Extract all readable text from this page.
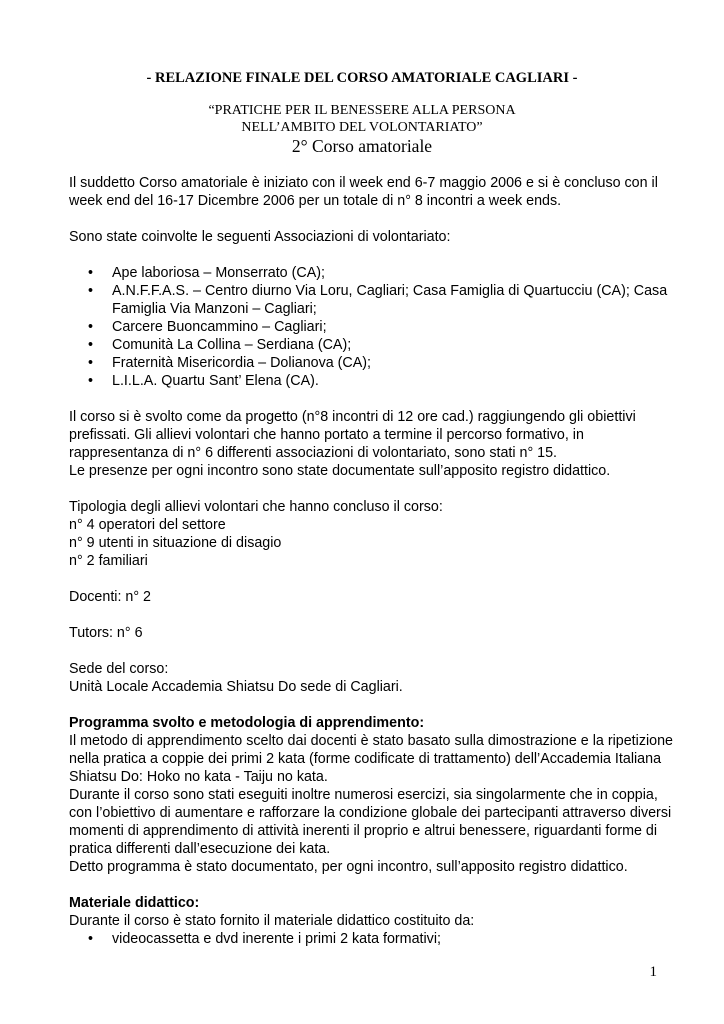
- RELAZIONE FINALE DEL CORSO AMATORIALE CAGLIARI -
“PRATICHE PER IL BENESSERE ALLA PERSONA
NELL’AMBITO DEL VOLONTARIATO”
2° Corso amatoriale

Il suddetto Corso amatoriale è iniziato con il week end 6-7 maggio 2006 e si è concluso con il week end del 16-17 Dicembre 2006 per un totale di n° 8 incontri a week ends.

Sono state coinvolte le seguenti Associazioni di volontariato:

• Ape laboriosa – Monserrato (CA);
• A.N.F.F.A.S. – Centro diurno Via Loru, Cagliari; Casa Famiglia di Quartucciu (CA); Casa Famiglia Via Manzoni – Cagliari;
• Carcere Buoncammino – Cagliari;
• Comunità La Collina – Serdiana (CA);
• Fraternità Misericordia – Dolianova (CA);
• L.I.L.A. Quartu Sant’ Elena (CA).

Il corso si è svolto come da progetto (n°8 incontri di 12 ore cad.) raggiungendo gli obiettivi prefissati. Gli allievi volontari che hanno portato a termine il percorso formativo, in rappresentanza di n° 6 differenti associazioni di volontariato, sono stati n° 15.

Le presenze per ogni incontro sono state documentate sull’apposito registro didattico.

Tipologia degli allievi volontari che hanno concluso il corso:

n° 4 operatori del settore

n° 9 utenti in situazione di disagio

n° 2 familiari

Docenti: n° 2

Tutors: n° 6

Sede del corso:

Unità Locale Accademia Shiatsu Do sede di Cagliari.

Programma svolto e metodologia di apprendimento:

Il metodo di apprendimento scelto dai docenti è stato basato sulla dimostrazione e la ripetizione nella pratica a coppie dei primi 2 kata (forme codificate di trattamento) dell’Accademia Italiana Shiatsu Do: Hoko no kata - Taiju no kata.

Durante il corso sono stati eseguiti inoltre numerosi esercizi, sia singolarmente che in coppia, con l’obiettivo di aumentare e rafforzare la condizione globale dei partecipanti attraverso diversi momenti di apprendimento di attività inerenti il proprio e altrui benessere, riguardanti forme di pratica differenti dall’esecuzione dei kata.

Detto programma è stato documentato, per ogni incontro, sull’apposito registro didattico.

Materiale didattico:

Durante il corso è stato fornito il materiale didattico costituito da:

• videocassetta e dvd inerente i primi 2 kata formativi;
1
